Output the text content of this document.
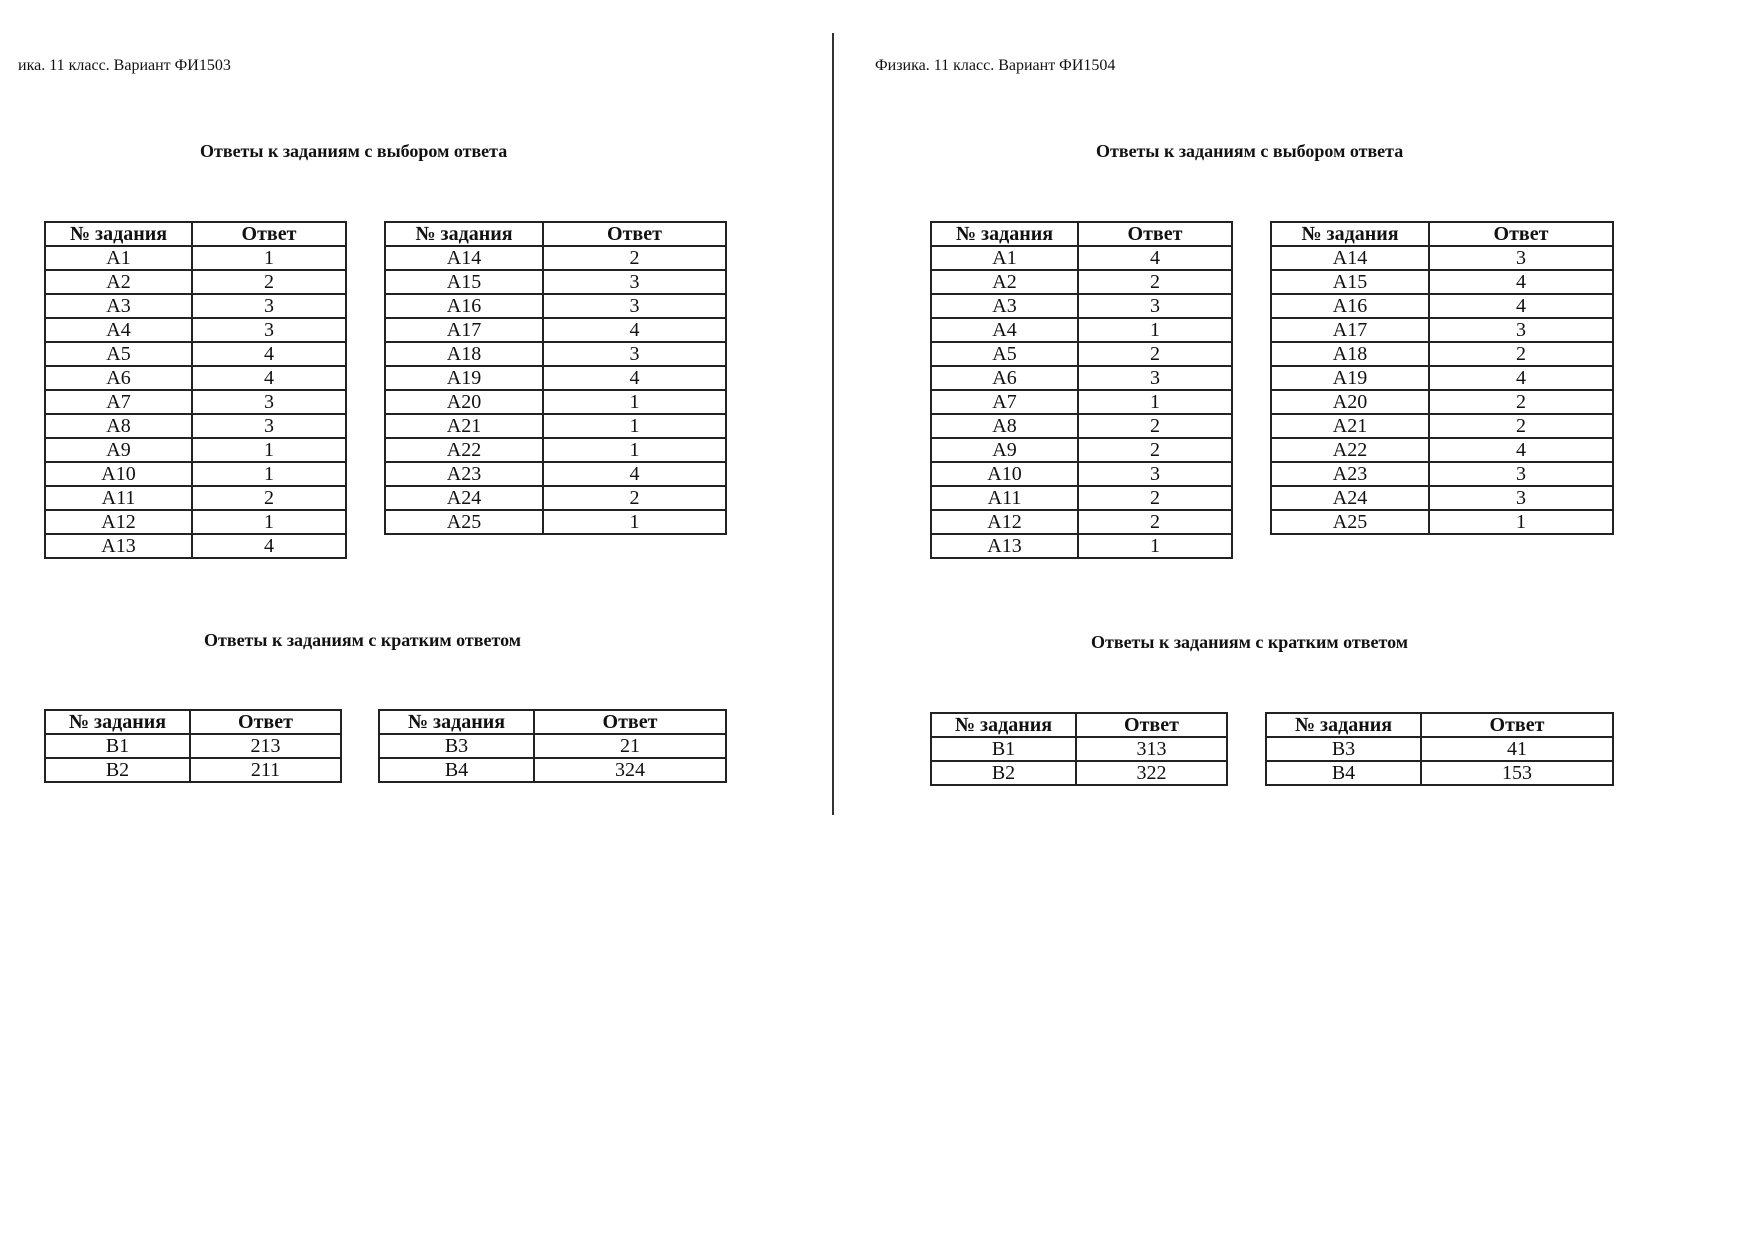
ика. 11 класс. Вариант ФИ1503
Ответы к заданиям с выбором ответа
№ задания	Ответ
A1	1
A2	2
A3	3
A4	3
A5	4
A6	4
A7	3
A8	3
A9	1
A10	1
A11	2
A12	1
A13	4
№ задания	Ответ
A14	2
A15	3
A16	3
A17	4
A18	3
A19	4
A20	1
A21	1
A22	1
A23	4
A24	2
A25	1
Ответы к заданиям с кратким ответом
№ задания	Ответ
B1	213
B2	211
№ задания	Ответ
B3	21
B4	324
Физика. 11 класс. Вариант ФИ1504
Ответы к заданиям с выбором ответа
№ задания	Ответ
A1	4
A2	2
A3	3
A4	1
A5	2
A6	3
A7	1
A8	2
A9	2
A10	3
A11	2
A12	2
A13	1
№ задания	Ответ
A14	3
A15	4
A16	4
A17	3
A18	2
A19	4
A20	2
A21	2
A22	4
A23	3
A24	3
A25	1
Ответы к заданиям с кратким ответом
№ задания	Ответ
B1	313
B2	322
№ задания	Ответ
B3	41
B4	153
